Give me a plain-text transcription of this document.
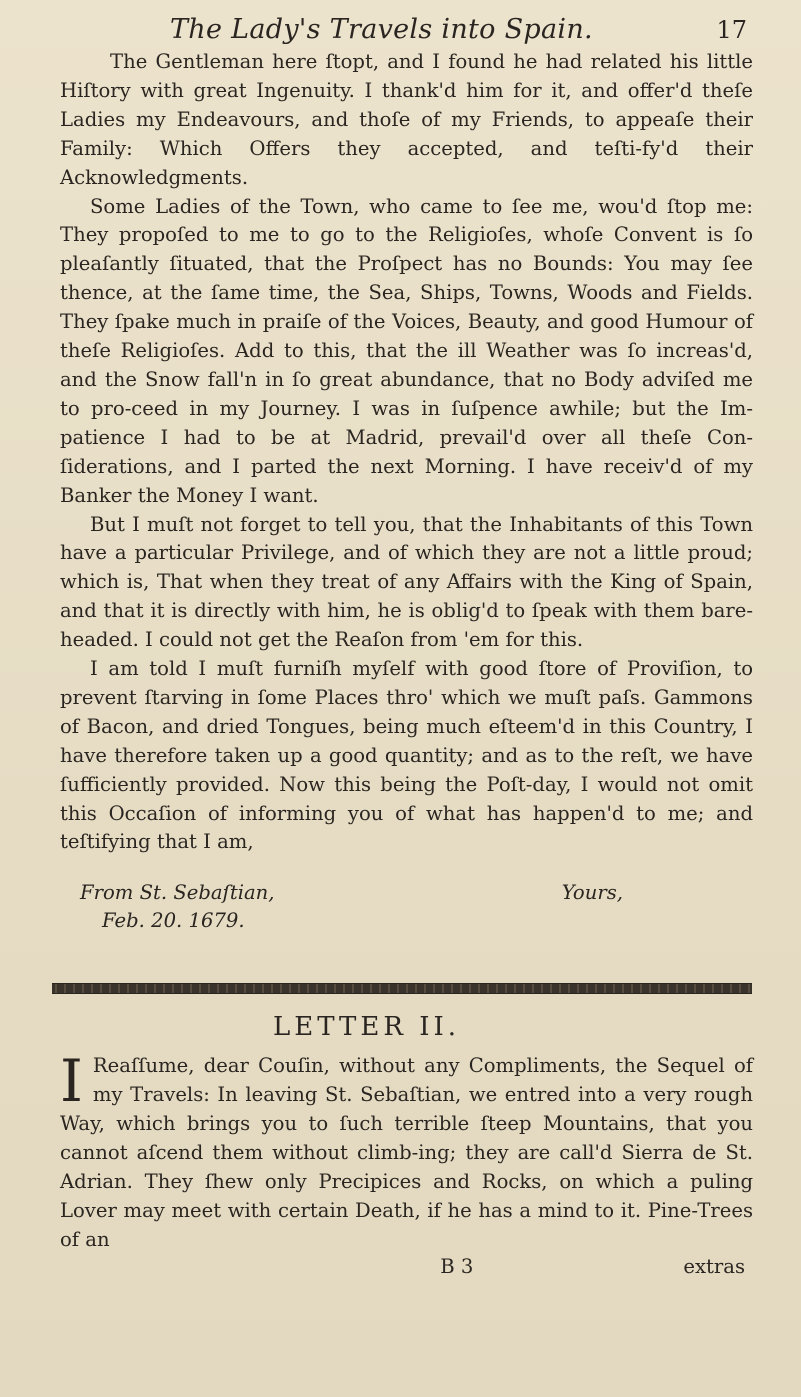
The Lady's Travels into Spain.	17

The Gentleman here ſtopt, and I found he had related his little Hiſtory with great Ingenuity. I thank'd him for it, and offer'd theſe Ladies my Endeavours, and thoſe of my Friends, to appeaſe their Family: Which Offers they accepted, and teſti-fy'd their Acknowledgments.

Some Ladies of the Town, who came to ſee me, wou'd ſtop me: They propoſed to me to go to the Religioſes, whoſe Convent is ſo pleaſantly ſituated, that the Proſpect has no Bounds: You may ſee thence, at the ſame time, the Sea, Ships, Towns, Woods and Fields. They ſpake much in praiſe of the Voices, Beauty, and good Humour of theſe Religioſes. Add to this, that the ill Weather was ſo increas'd, and the Snow fall'n in ſo great abundance, that no Body adviſed me to pro-ceed in my Journey. I was in ſuſpence awhile; but the Im-patience I had to be at Madrid, prevail'd over all theſe Con-ſiderations, and I parted the next Morning. I have receiv'd of my Banker the Money I want.

But I muſt not forget to tell you, that the Inhabitants of this Town have a particular Privilege, and of which they are not a little proud; which is, That when they treat of any Affairs with the King of Spain, and that it is directly with him, he is oblig'd to ſpeak with them bare-headed. I could not get the Reaſon from 'em for this.

I am told I muſt furniſh myſelf with good ſtore of Proviſion, to prevent ſtarving in ſome Places thro' which we muſt paſs. Gammons of Bacon, and dried Tongues, being much eſteem'd in this Country, I have therefore taken up a good quantity; and as to the reſt, we have ſufficiently provided. Now this being the Poſt-day, I would not omit this Occaſion of informing you of what has happen'd to me; and teſtifying that I am,

From St. Sebaſtian,
Feb. 20. 1679.
Yours,
LETTER II.

I Reaſſume, dear Couſin, without any Compliments, the Sequel of my Travels: In leaving St. Sebaſtian, we entred into a very rough Way, which brings you to ſuch terrible ſteep Mountains, that you cannot aſcend them without climb-ing; they are call'd Sierra de St. Adrian. They ſhew only Precipices and Rocks, on which a puling Lover may meet with certain Death, if he has a mind to it. Pine-Trees of an

B 3	extras
